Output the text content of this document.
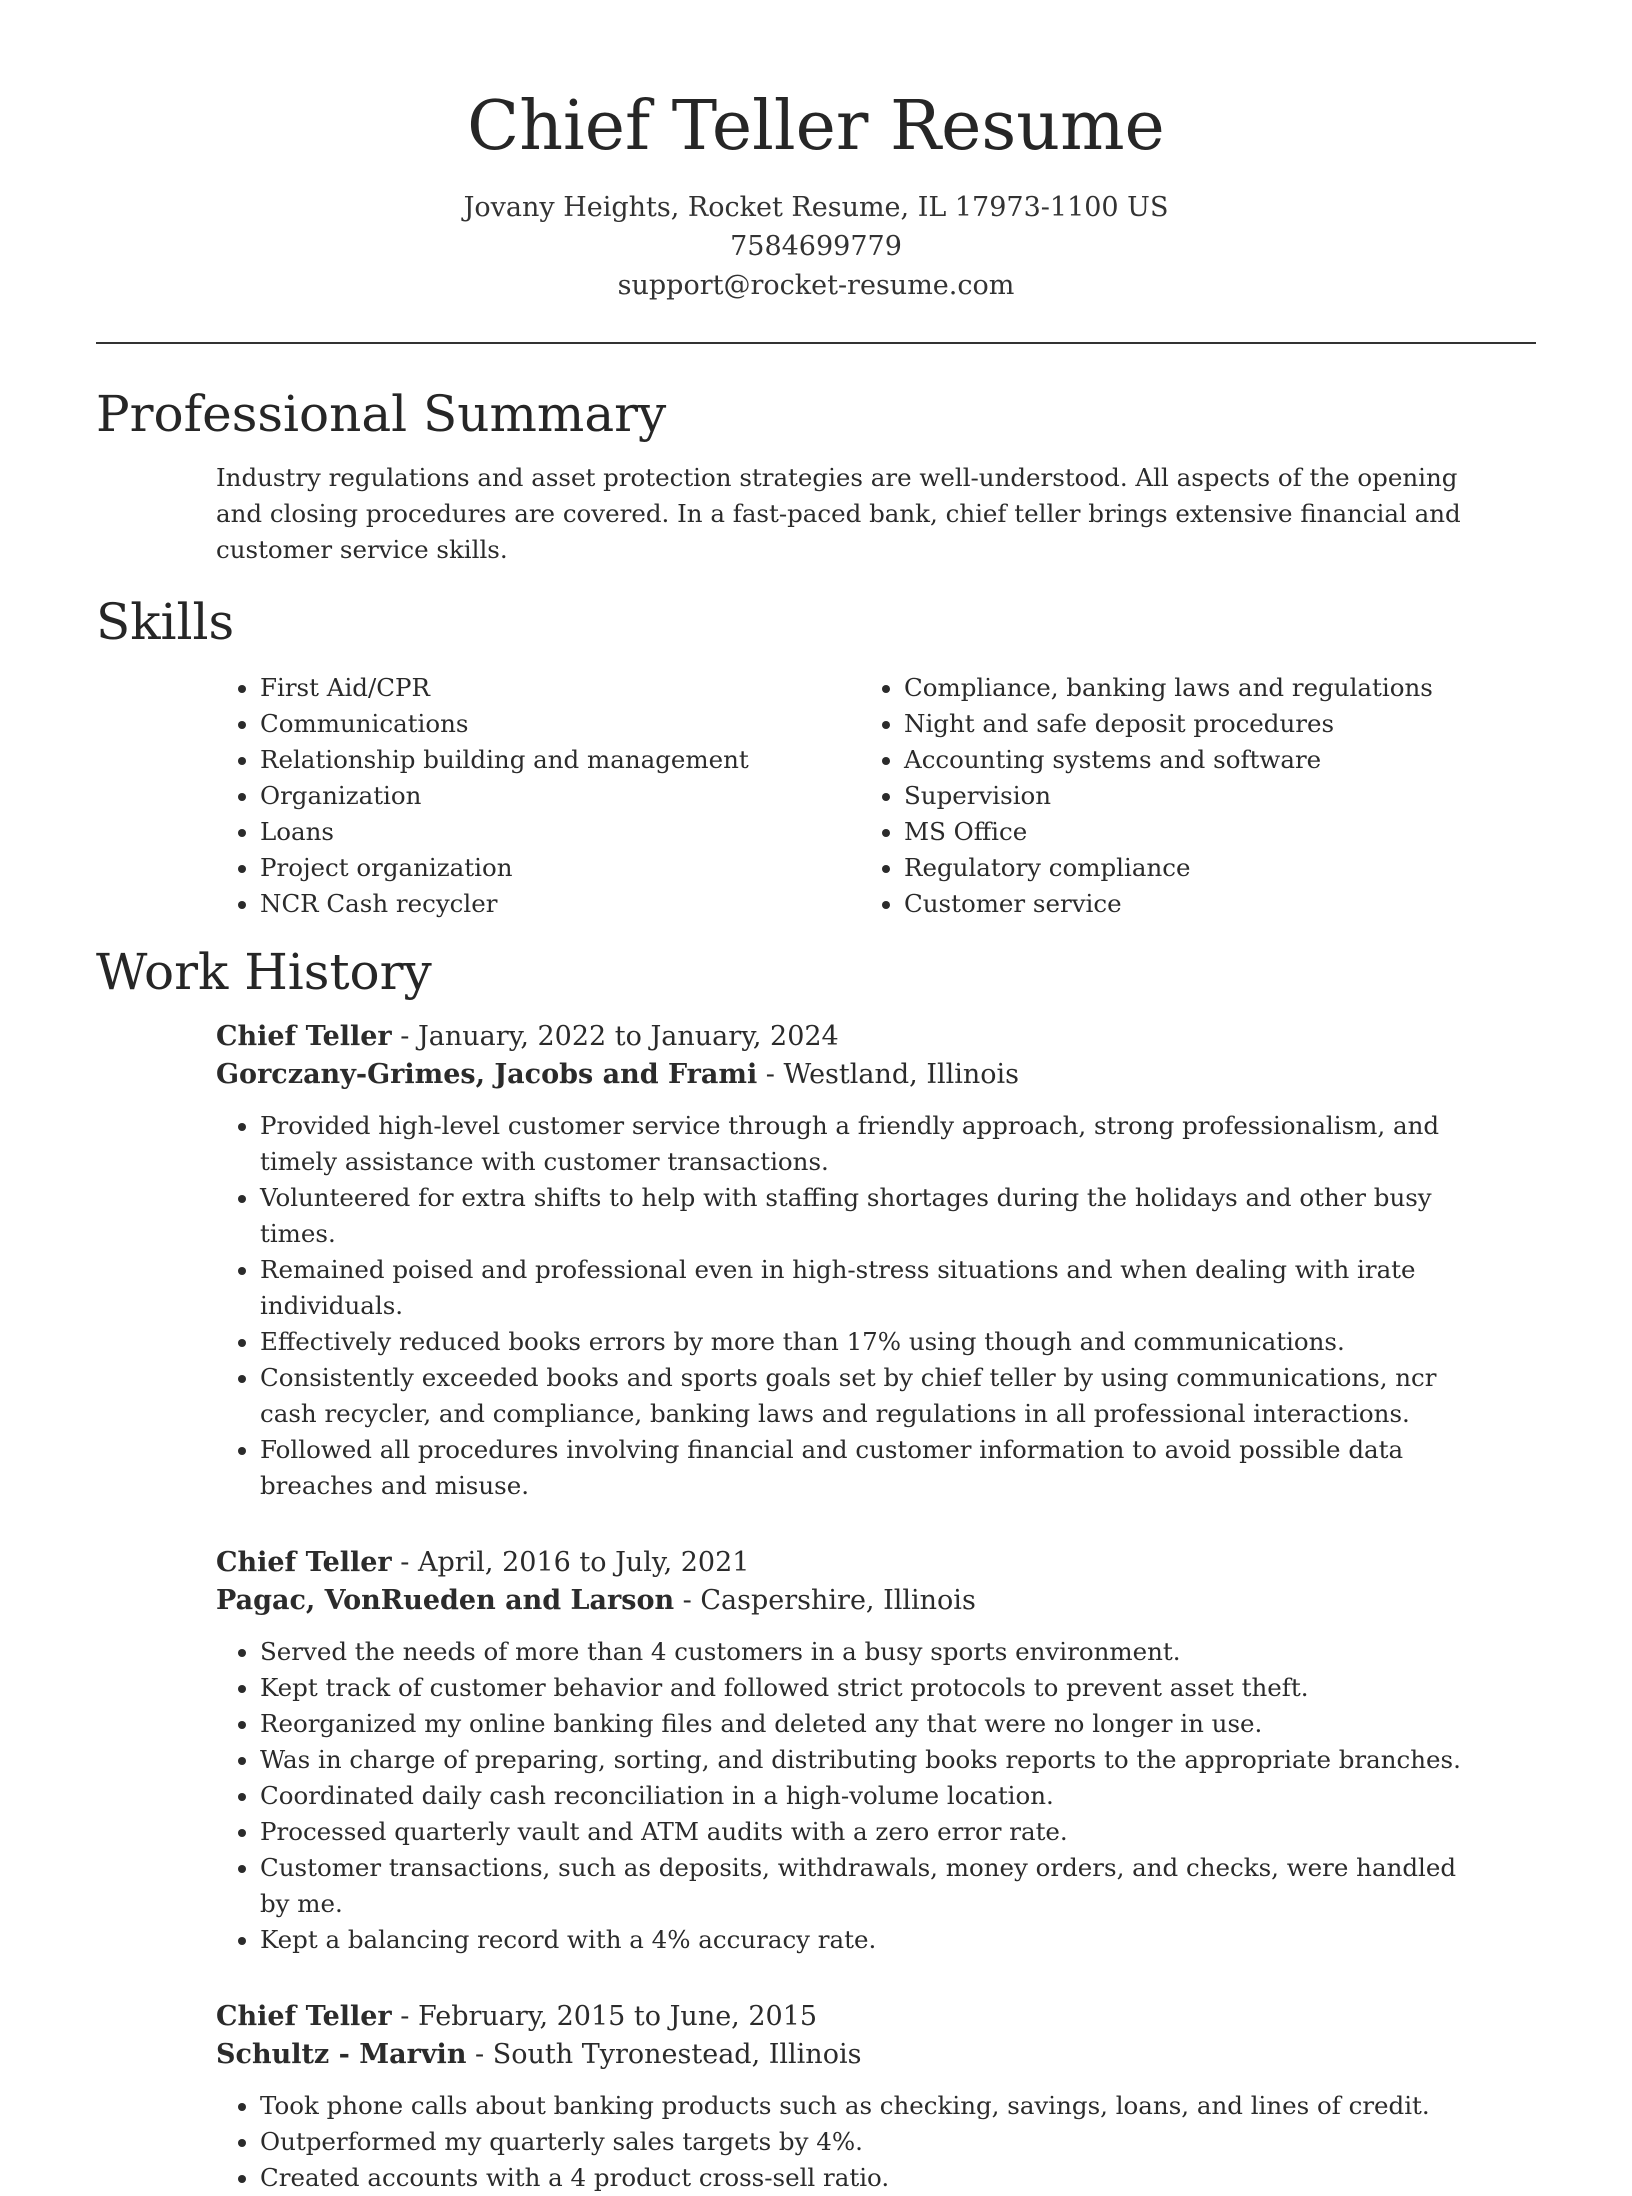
Chief Teller Resume
Jovany Heights, Rocket Resume, IL 17973-1100 US
7584699779
support@rocket-resume.com
Professional Summary

Industry regulations and asset protection strategies are well-understood. All aspects of the opening and closing procedures are covered. In a fast-paced bank, chief teller brings extensive financial and customer service skills.

Skills
• First Aid/CPR
• Communications
• Relationship building and management
• Organization
• Loans
• Project organization
• NCR Cash recycler
• Compliance, banking laws and regulations
• Night and safe deposit procedures
• Accounting systems and software
• Supervision
• MS Office
• Regulatory compliance
• Customer service
Work History
Chief Teller - January, 2022 to January, 2024
Gorczany-Grimes, Jacobs and Frami - Westland, Illinois
• Provided high-level customer service through a friendly approach, strong professionalism, and timely assistance with customer transactions.
• Volunteered for extra shifts to help with staffing shortages during the holidays and other busy times.
• Remained poised and professional even in high-stress situations and when dealing with irate individuals.
• Effectively reduced books errors by more than 17% using though and communications.
• Consistently exceeded books and sports goals set by chief teller by using communications, ncr cash recycler, and compliance, banking laws and regulations in all professional interactions.
• Followed all procedures involving financial and customer information to avoid possible data breaches and misuse.
Chief Teller - April, 2016 to July, 2021
Pagac, VonRueden and Larson - Caspershire, Illinois
• Served the needs of more than 4 customers in a busy sports environment.
• Kept track of customer behavior and followed strict protocols to prevent asset theft.
• Reorganized my online banking files and deleted any that were no longer in use.
• Was in charge of preparing, sorting, and distributing books reports to the appropriate branches.
• Coordinated daily cash reconciliation in a high-volume location.
• Processed quarterly vault and ATM audits with a zero error rate.
• Customer transactions, such as deposits, withdrawals, money orders, and checks, were handled by me.
• Kept a balancing record with a 4% accuracy rate.
Chief Teller - February, 2015 to June, 2015
Schultz - Marvin - South Tyronestead, Illinois
• Took phone calls about banking products such as checking, savings, loans, and lines of credit.
• Outperformed my quarterly sales targets by 4%.
• Created accounts with a 4 product cross-sell ratio.
